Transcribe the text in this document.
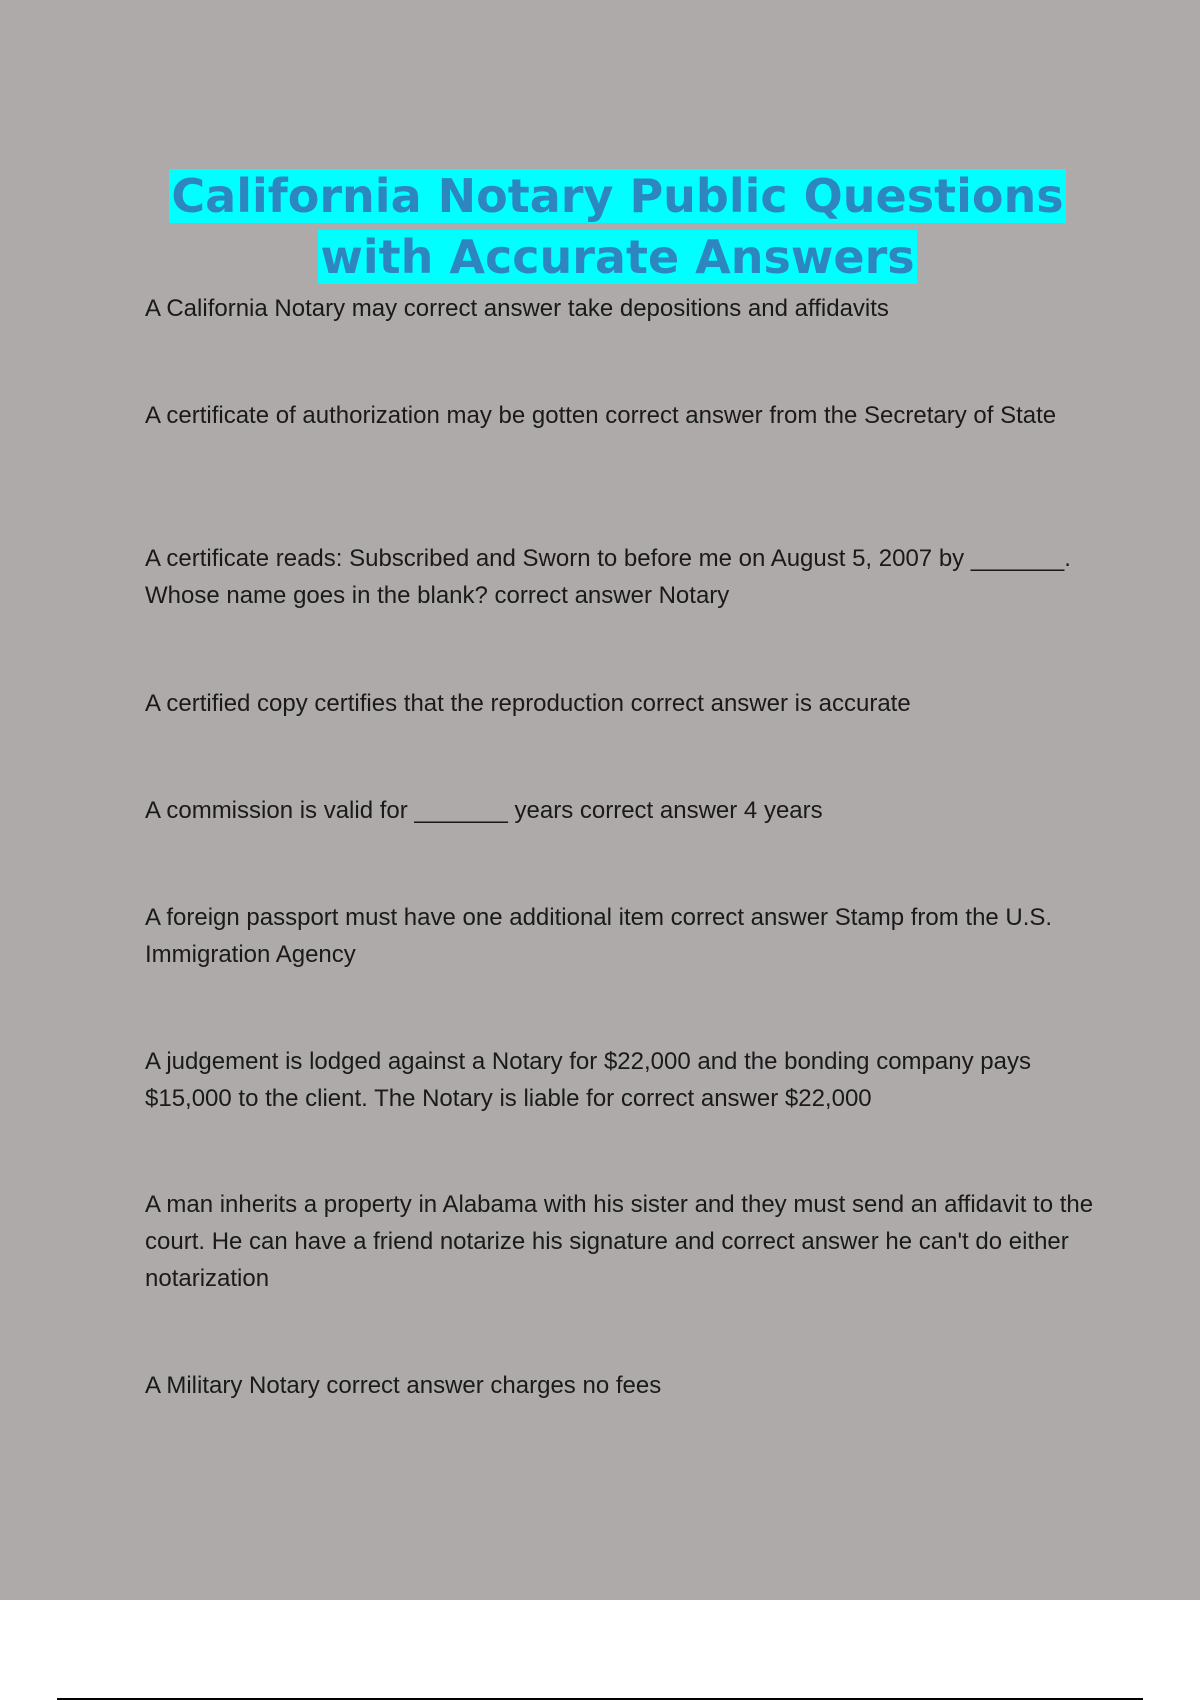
California Notary Public Questions
with Accurate Answers

A California Notary may correct answer take depositions and affidavits

A certificate of authorization may be gotten correct answer from the Secretary of State

A certificate reads: Subscribed and Sworn to before me on August 5, 2007 by _______. Whose name goes in the blank? correct answer Notary

A certified copy certifies that the reproduction correct answer is accurate

A commission is valid for _______ years correct answer 4 years

A foreign passport must have one additional item correct answer Stamp from the U.S. Immigration Agency

A judgement is lodged against a Notary for $22,000 and the bonding company pays $15,000 to the client. The Notary is liable for correct answer $22,000

A man inherits a property in Alabama with his sister and they must send an affidavit to the court. He can have a friend notarize his signature and correct answer he can't do either notarization

A Military Notary correct answer charges no fees
